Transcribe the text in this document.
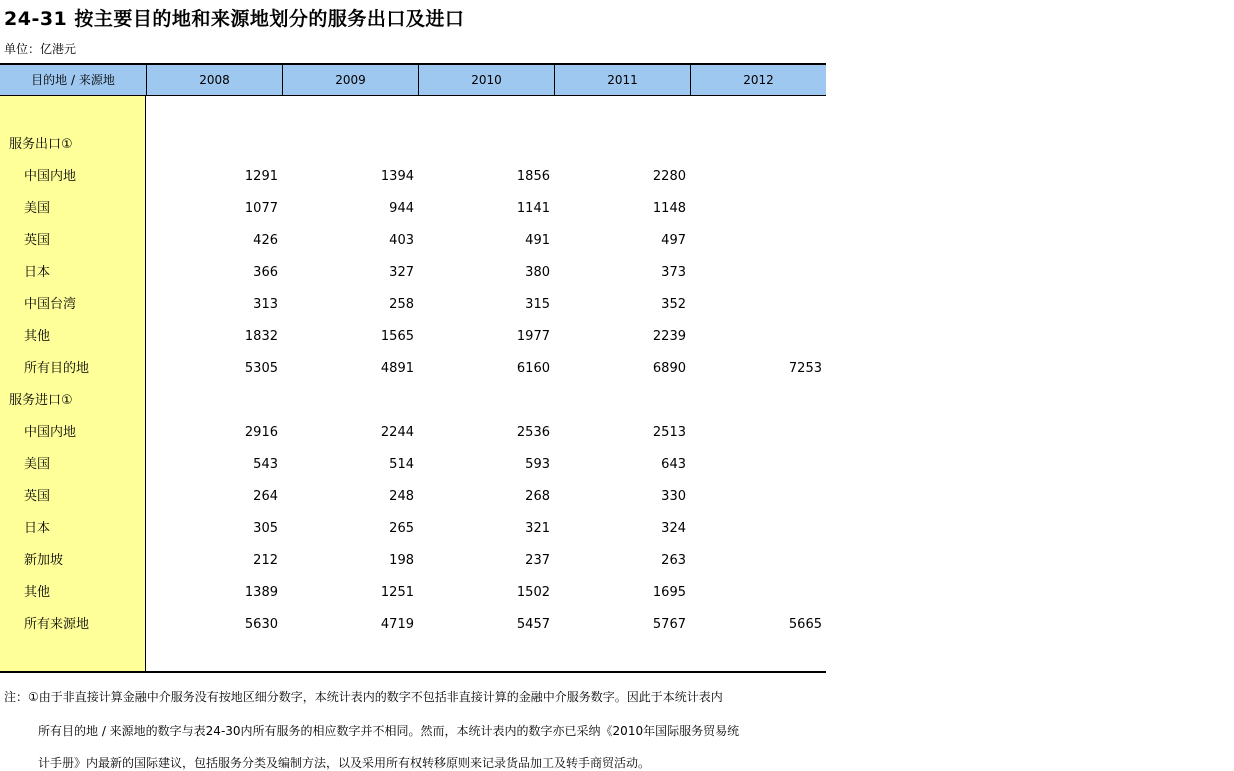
24-31 按主要目的地和来源地划分的服务出口及进口
单位：亿港元
目的地 / 来源地	2008	2009	2010	2011	2012
服务出口①
中国内地	1291	1394	1856	2280
美国	1077	944	1141	1148
英国	426	403	491	497
日本	366	327	380	373
中国台湾	313	258	315	352
其他	1832	1565	1977	2239
所有目的地	5305	4891	6160	6890	7253
服务进口①
中国内地	2916	2244	2536	2513
美国	543	514	593	643
英国	264	248	268	330
日本	305	265	321	324
新加坡	212	198	237	263
其他	1389	1251	1502	1695
所有来源地	5630	4719	5457	5767	5665
注：①由于非直接计算金融中介服务没有按地区细分数字，本统计表内的数字不包括非直接计算的金融中介服务数字。因此于本统计表内
所有目的地 / 来源地的数字与表24-30内所有服务的相应数字并不相同。然而，本统计表内的数字亦已采纳《2010年国际服务贸易统
计手册》内最新的国际建议，包括服务分类及编制方法，以及采用所有权转移原则来记录货品加工及转手商贸活动。
